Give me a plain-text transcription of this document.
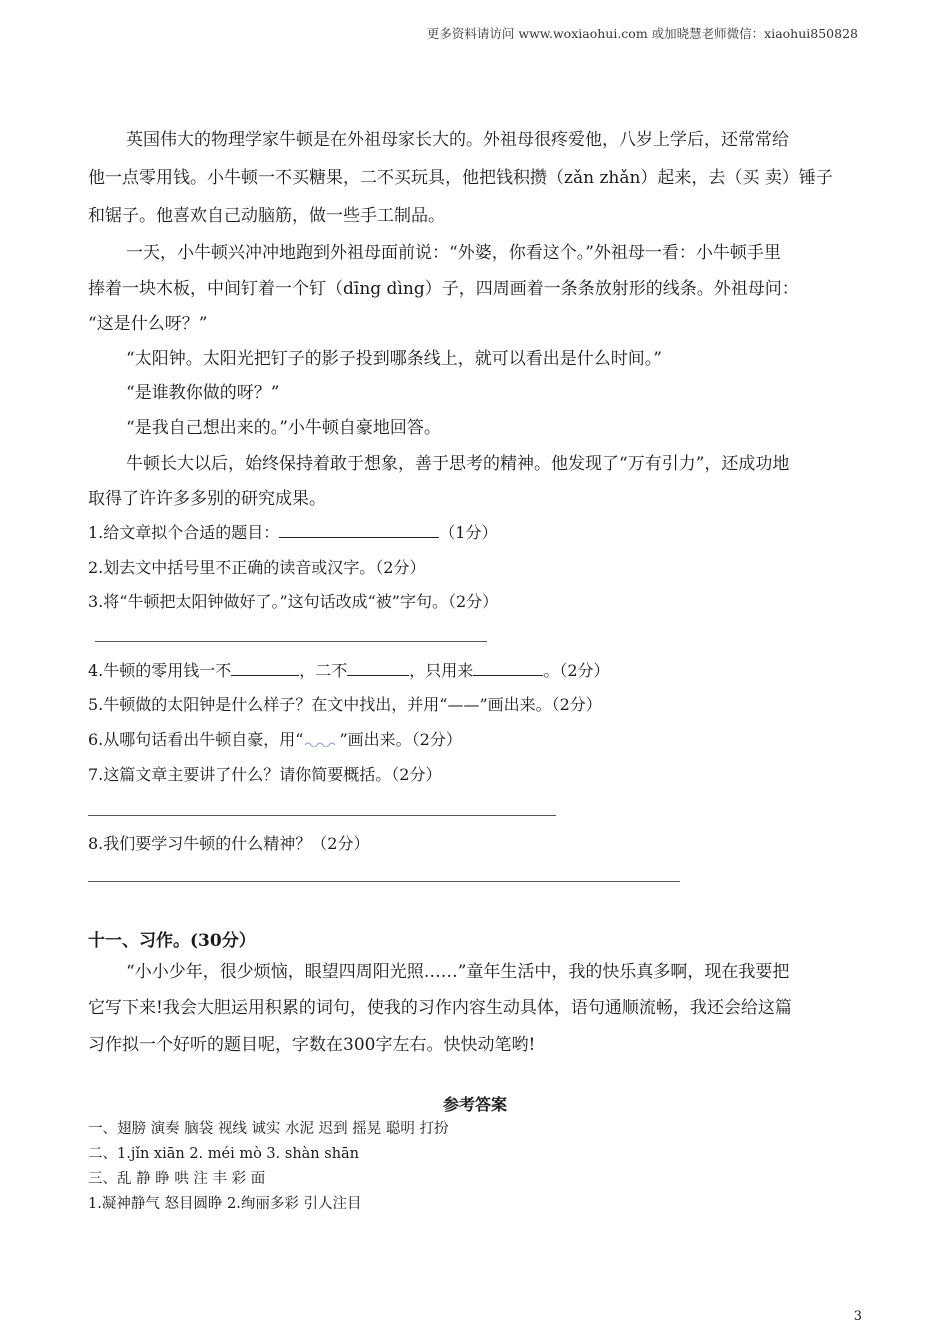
更多资料请访问 www.woxiaohui.com 或加晓慧老师微信：xiaohui850828
英国伟大的物理学家牛顿是在外祖母家长大的。外祖母很疼爱他，八岁上学后，还常常给
他一点零用钱。小牛顿一不买糖果，二不买玩具，他把钱积攒（zǎn zhǎn）起来，去（买 卖）锤子
和锯子。他喜欢自己动脑筋，做一些手工制品。
一天，小牛顿兴冲冲地跑到外祖母面前说：“外婆，你看这个。”外祖母一看：小牛顿手里
捧着一块木板，中间钉着一个钉（dīng dìng）子，四周画着一条条放射形的线条。外祖母问：
“这是什么呀？”
“太阳钟。太阳光把钉子的影子投到哪条线上，就可以看出是什么时间。”
“是谁教你做的呀？”
“是我自己想出来的。”小牛顿自豪地回答。
牛顿长大以后，始终保持着敢于想象，善于思考的精神。他发现了“万有引力”，还成功地
取得了许许多多别的研究成果。
1.给文章拟个合适的题目：	（1分）
2.划去文中括号里不正确的读音或汉字。（2分）
3.将“牛顿把太阳钟做好了。”这句话改成“被”字句。（2分）
4.牛顿的零用钱一不	，二不	，只用来	。（2分）
5.牛顿做的太阳钟是什么样子？在文中找出，并用“——”画出来。（2分）
6.从哪句话看出牛顿自豪，用“ ”画出来。（2分）
7.这篇文章主要讲了什么？请你简要概括。（2分）
8.我们要学习牛顿的什么精神？（2分）
十一、习作。(30分）
“小小少年，很少烦恼，眼望四周阳光照……”童年生活中，我的快乐真多啊，现在我要把
它写下来!我会大胆运用积累的词句，使我的习作内容生动具体，语句通顺流畅，我还会给这篇
习作拟一个好听的题目呢，字数在300字左右。快快动笔哟!
参考答案
一、翅膀 演奏 脑袋 视线 诚实 水泥 迟到 摇晃 聪明 打扮
二、1.jǐn xiān 2. méi mò 3. shàn shān
三、乱 静 睁 哄 注 丰 彩 面
1.凝神静气 怒目圆睁 2.绚丽多彩 引人注目
3
